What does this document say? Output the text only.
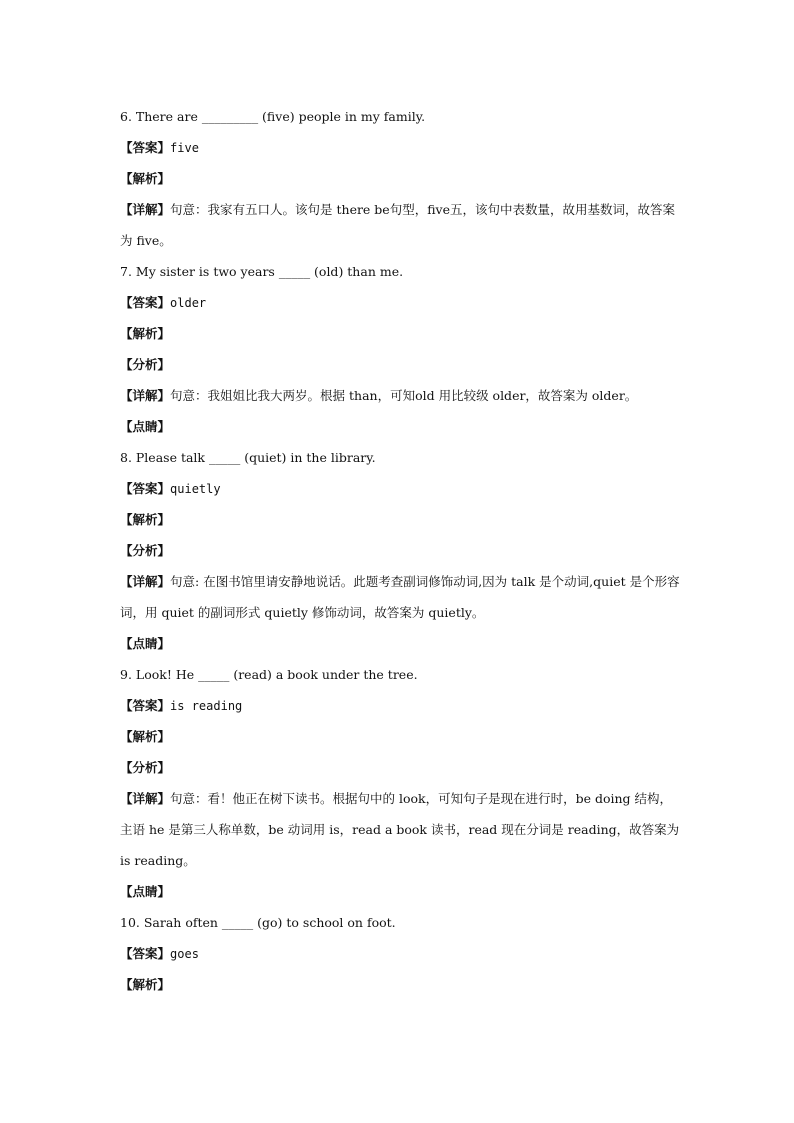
6. There are _________ (five) people in my family.
【答案】five
【解析】
【详解】句意：我家有五口人。该句是 there be句型，five五，该句中表数量，故用基数词，故答案为 five。
7. My sister is two years _____ (old) than me.
【答案】older
【解析】
【分析】
【详解】句意：我姐姐比我大两岁。根据 than，可知old 用比较级 older，故答案为 older。
【点睛】
8. Please talk _____ (quiet) in the library.
【答案】quietly
【解析】
【分析】
【详解】句意: 在图书馆里请安静地说话。此题考查副词修饰动词,因为 talk 是个动词,quiet 是个形容词，用 quiet 的副词形式 quietly 修饰动词，故答案为 quietly。
【点睛】
9. Look! He _____ (read) a book under the tree.
【答案】is reading
【解析】
【分析】
【详解】句意：看！他正在树下读书。根据句中的 look，可知句子是现在进行时，be doing 结构，主语 he 是第三人称单数，be 动词用 is，read a book 读书，read 现在分词是 reading，故答案为 is reading。
【点睛】
10. Sarah often _____ (go) to school on foot.
【答案】goes
【解析】
